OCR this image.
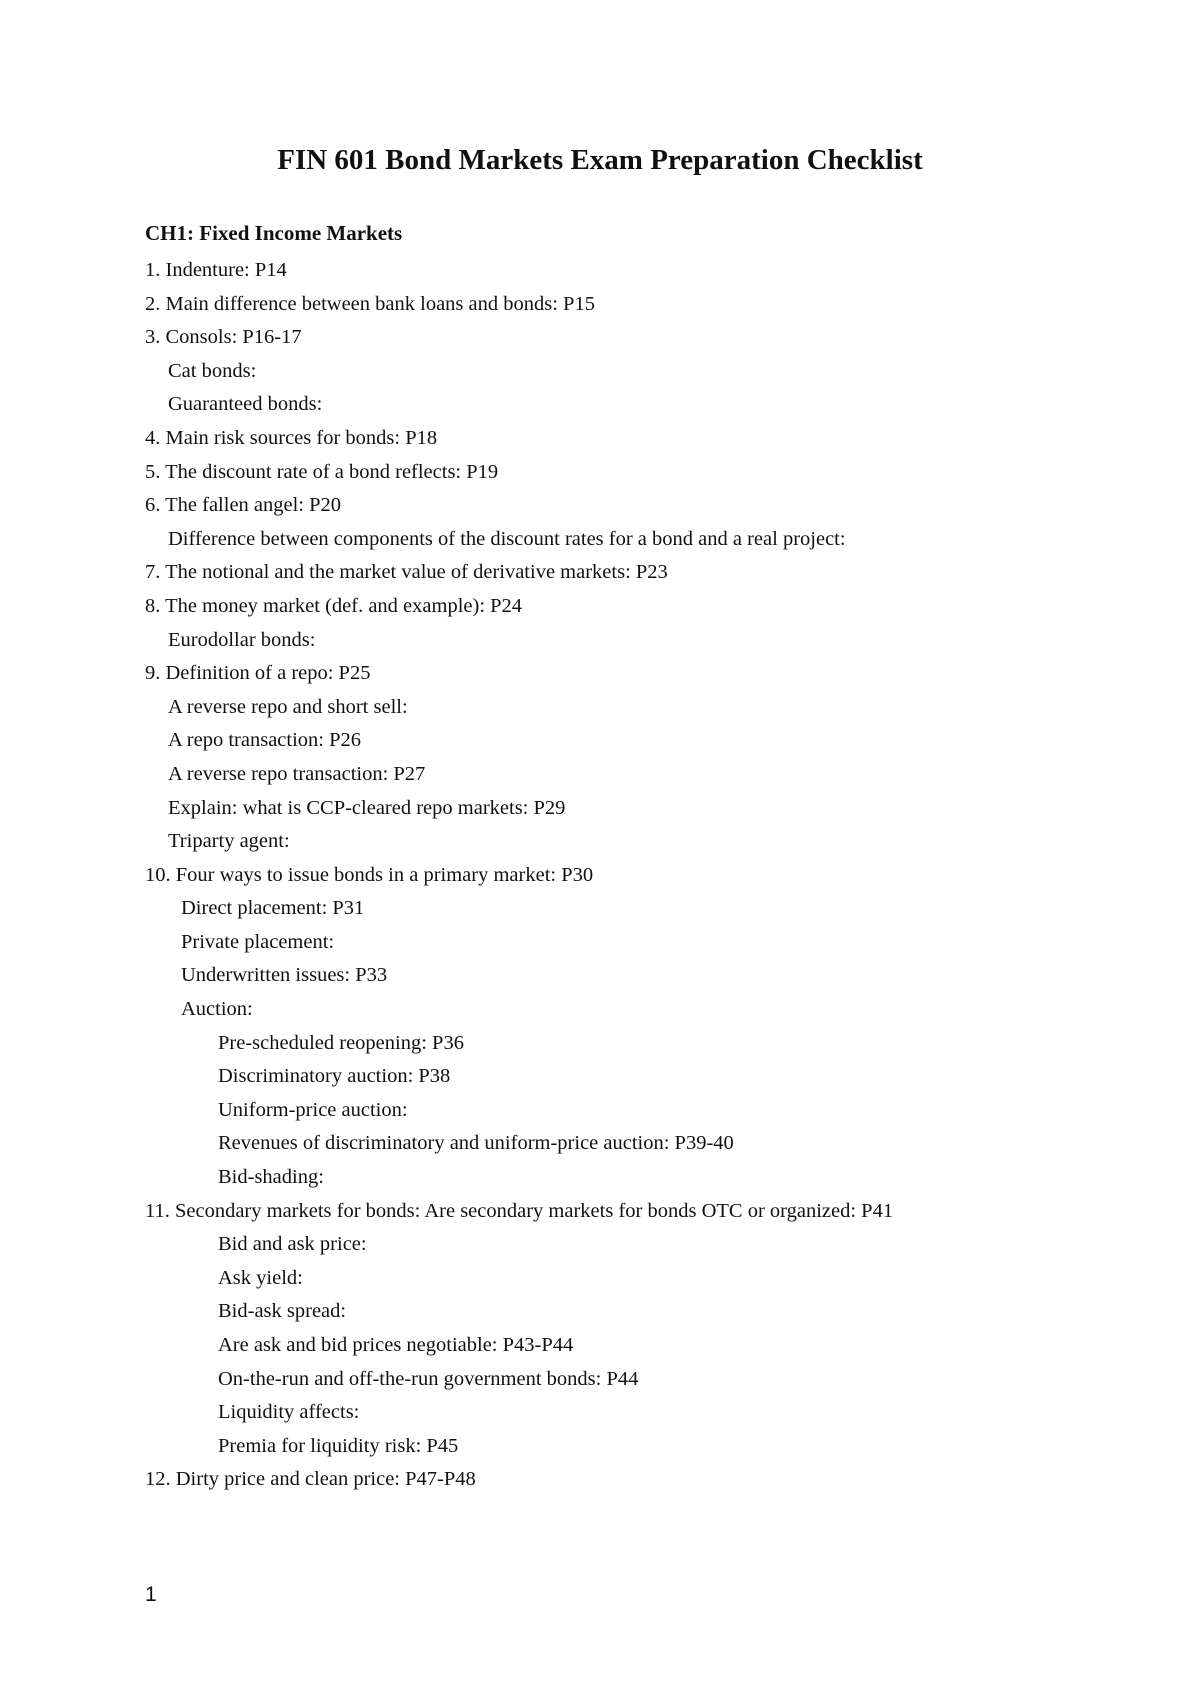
FIN 601 Bond Markets Exam Preparation Checklist
CH1: Fixed Income Markets
1. Indenture: P14
2. Main difference between bank loans and bonds: P15
3. Consols: P16-17
Cat bonds:
Guaranteed bonds:
4. Main risk sources for bonds: P18
5. The discount rate of a bond reflects: P19
6. The fallen angel: P20
Difference between components of the discount rates for a bond and a real project:
7. The notional and the market value of derivative markets: P23
8. The money market (def. and example): P24
Eurodollar bonds:
9. Definition of a repo: P25
A reverse repo and short sell:
A repo transaction: P26
A reverse repo transaction: P27
Explain: what is CCP-cleared repo markets: P29
Triparty agent:
10. Four ways to issue bonds in a primary market: P30
Direct placement: P31
Private placement:
Underwritten issues: P33
Auction:
Pre-scheduled reopening: P36
Discriminatory auction: P38
Uniform-price auction:
Revenues of discriminatory and uniform-price auction: P39-40
Bid-shading:
11. Secondary markets for bonds: Are secondary markets for bonds OTC or organized: P41
Bid and ask price:
Ask yield:
Bid-ask spread:
Are ask and bid prices negotiable: P43-P44
On-the-run and off-the-run government bonds: P44
Liquidity affects:
Premia for liquidity risk: P45
12. Dirty price and clean price: P47-P48
1
